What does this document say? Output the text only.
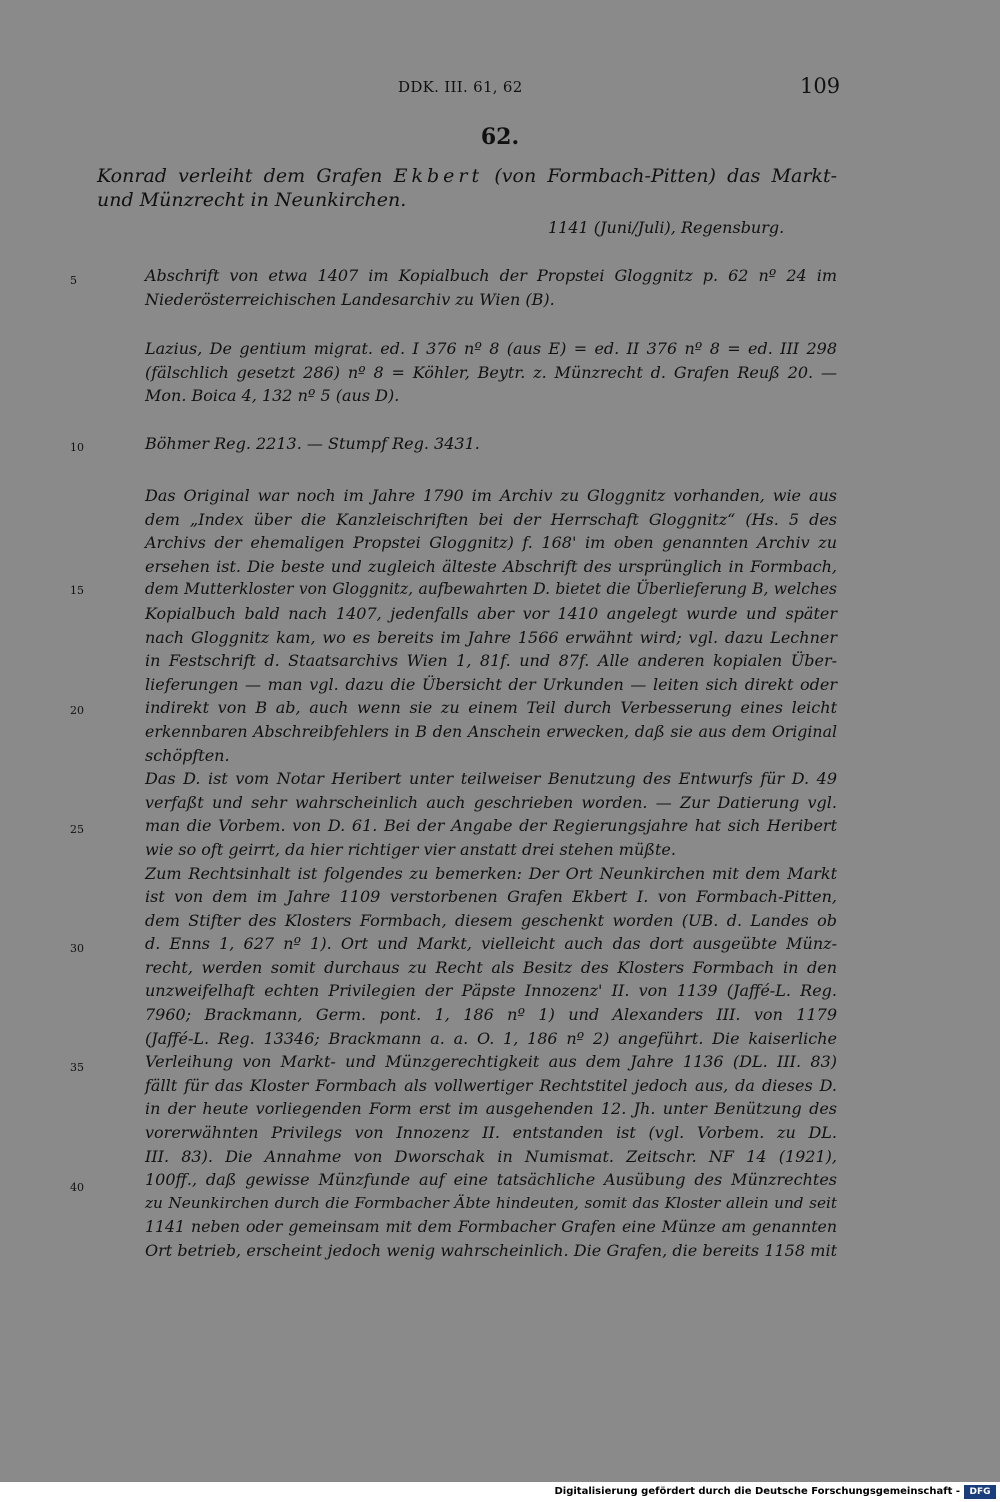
DDK. III. 61, 62	109
62.
Konrad verleiht dem Grafen Ekbert (von Formbach-Pitten) das Markt- und Münzrecht in Neunkirchen.
1141 (Juni/Juli), Regensburg.
5
10
15
20
25
30
35
40
Abschrift von etwa 1407 im Kopialbuch der Propstei Gloggnitz p. 62 nº 24 im
Niederösterreichischen Landesarchiv zu Wien (B).
Lazius, De gentium migrat. ed. I 376 nº 8 (aus E) = ed. II 376 nº 8 = ed. III 298
(fälschlich gesetzt 286) nº 8 = Köhler, Beytr. z. Münzrecht d. Grafen Reuß 20. —
Mon. Boica 4, 132 nº 5 (aus D).
Böhmer Reg. 2213. — Stumpf Reg. 3431.
Das Original war noch im Jahre 1790 im Archiv zu Gloggnitz vorhanden, wie aus
dem „Index über die Kanzleischriften bei der Herrschaft Gloggnitz“ (Hs. 5 des
Archivs der ehemaligen Propstei Gloggnitz) f. 168' im oben genannten Archiv zu
ersehen ist. Die beste und zugleich älteste Abschrift des ursprünglich in Formbach,
dem Mutterkloster von Gloggnitz, aufbewahrten D. bietet die Überlieferung B, welches
Kopialbuch bald nach 1407, jedenfalls aber vor 1410 angelegt wurde und später
nach Gloggnitz kam, wo es bereits im Jahre 1566 erwähnt wird; vgl. dazu Lechner
in Festschrift d. Staatsarchivs Wien 1, 81f. und 87f. Alle anderen kopialen Über-
lieferungen — man vgl. dazu die Übersicht der Urkunden — leiten sich direkt oder
indirekt von B ab, auch wenn sie zu einem Teil durch Verbesserung eines leicht
erkennbaren Abschreibfehlers in B den Anschein erwecken, daß sie aus dem Original
schöpften.
Das D. ist vom Notar Heribert unter teilweiser Benutzung des Entwurfs für D. 49
verfaßt und sehr wahrscheinlich auch geschrieben worden. — Zur Datierung vgl.
man die Vorbem. von D. 61. Bei der Angabe der Regierungsjahre hat sich Heribert
wie so oft geirrt, da hier richtiger vier anstatt drei stehen müßte.
Zum Rechtsinhalt ist folgendes zu bemerken: Der Ort Neunkirchen mit dem Markt
ist von dem im Jahre 1109 verstorbenen Grafen Ekbert I. von Formbach-Pitten,
dem Stifter des Klosters Formbach, diesem geschenkt worden (UB. d. Landes ob
d. Enns 1, 627 nº 1). Ort und Markt, vielleicht auch das dort ausgeübte Münz-
recht, werden somit durchaus zu Recht als Besitz des Klosters Formbach in den
unzweifelhaft echten Privilegien der Päpste Innozenz' II. von 1139 (Jaffé-L. Reg.
7960; Brackmann, Germ. pont. 1, 186 nº 1) und Alexanders III. von 1179
(Jaffé-L. Reg. 13346; Brackmann a. a. O. 1, 186 nº 2) angeführt. Die kaiserliche
Verleihung von Markt- und Münzgerechtigkeit aus dem Jahre 1136 (DL. III. 83)
fällt für das Kloster Formbach als vollwertiger Rechtstitel jedoch aus, da dieses D.
in der heute vorliegenden Form erst im ausgehenden 12. Jh. unter Benützung des
vorerwähnten Privilegs von Innozenz II. entstanden ist (vgl. Vorbem. zu DL.
III. 83). Die Annahme von Dworschak in Numismat. Zeitschr. NF 14 (1921),
100ff., daß gewisse Münzfunde auf eine tatsächliche Ausübung des Münzrechtes
zu Neunkirchen durch die Formbacher Äbte hindeuten, somit das Kloster allein und seit
1141 neben oder gemeinsam mit dem Formbacher Grafen eine Münze am genannten
Ort betrieb, erscheint jedoch wenig wahrscheinlich. Die Grafen, die bereits 1158 mit
Digitalisierung gefördert durch die Deutsche Forschungsgemeinschaft -	DFG
